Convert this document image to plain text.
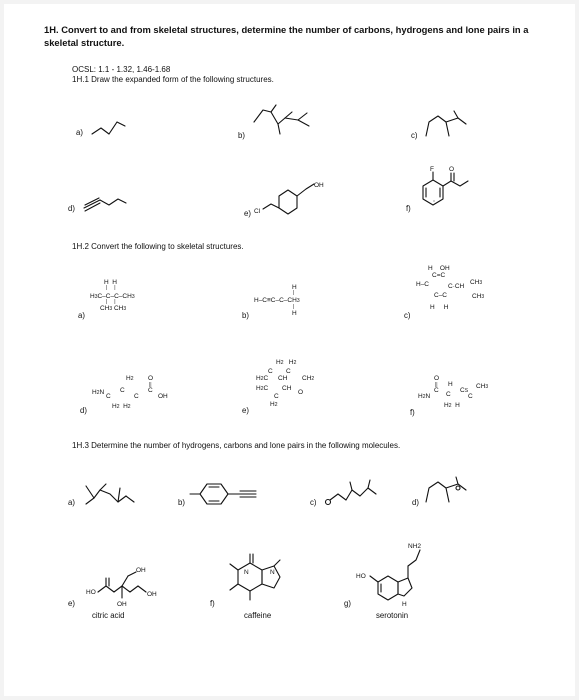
1H. Convert to and from skeletal structures, determine the number of carbons, hydrogens and lone pairs in a skeletal structure.
OCSL: 1.1 - 1.32, 1.46-1.68
1H.1 Draw the expanded form of the following structures.
a)	b)	c)
d)
e) Cl
OH
f)
F O
1H.2 Convert the following to skeletal structures.
a)
H  H
|     |
H3C–C–C–CH3
|     |
CH3 CH3
b)
H
|
H–C≡C–C–CH3
|
H	c)
H    OH
C=C
CH3
H–C	C·CH
C–C	CH3
H     H
d)
H2 O
||
H2N
C
C
C
C
OH
H2  H2	e)
H2   H2
C C
H2C CH CH2
H2C CH
O
C
H2
f)
O
|| H	CH3
H2N
C
C
CS
C
H2  H
1H.3 Determine the number of hydrogens, carbons and lone pairs in the following molecules.
a)	b)	c)	d)
e)
HO
OH
OH
OH
citric acid
f)
N	N
caffeine
g)
NH2
HO
H
serotonin
